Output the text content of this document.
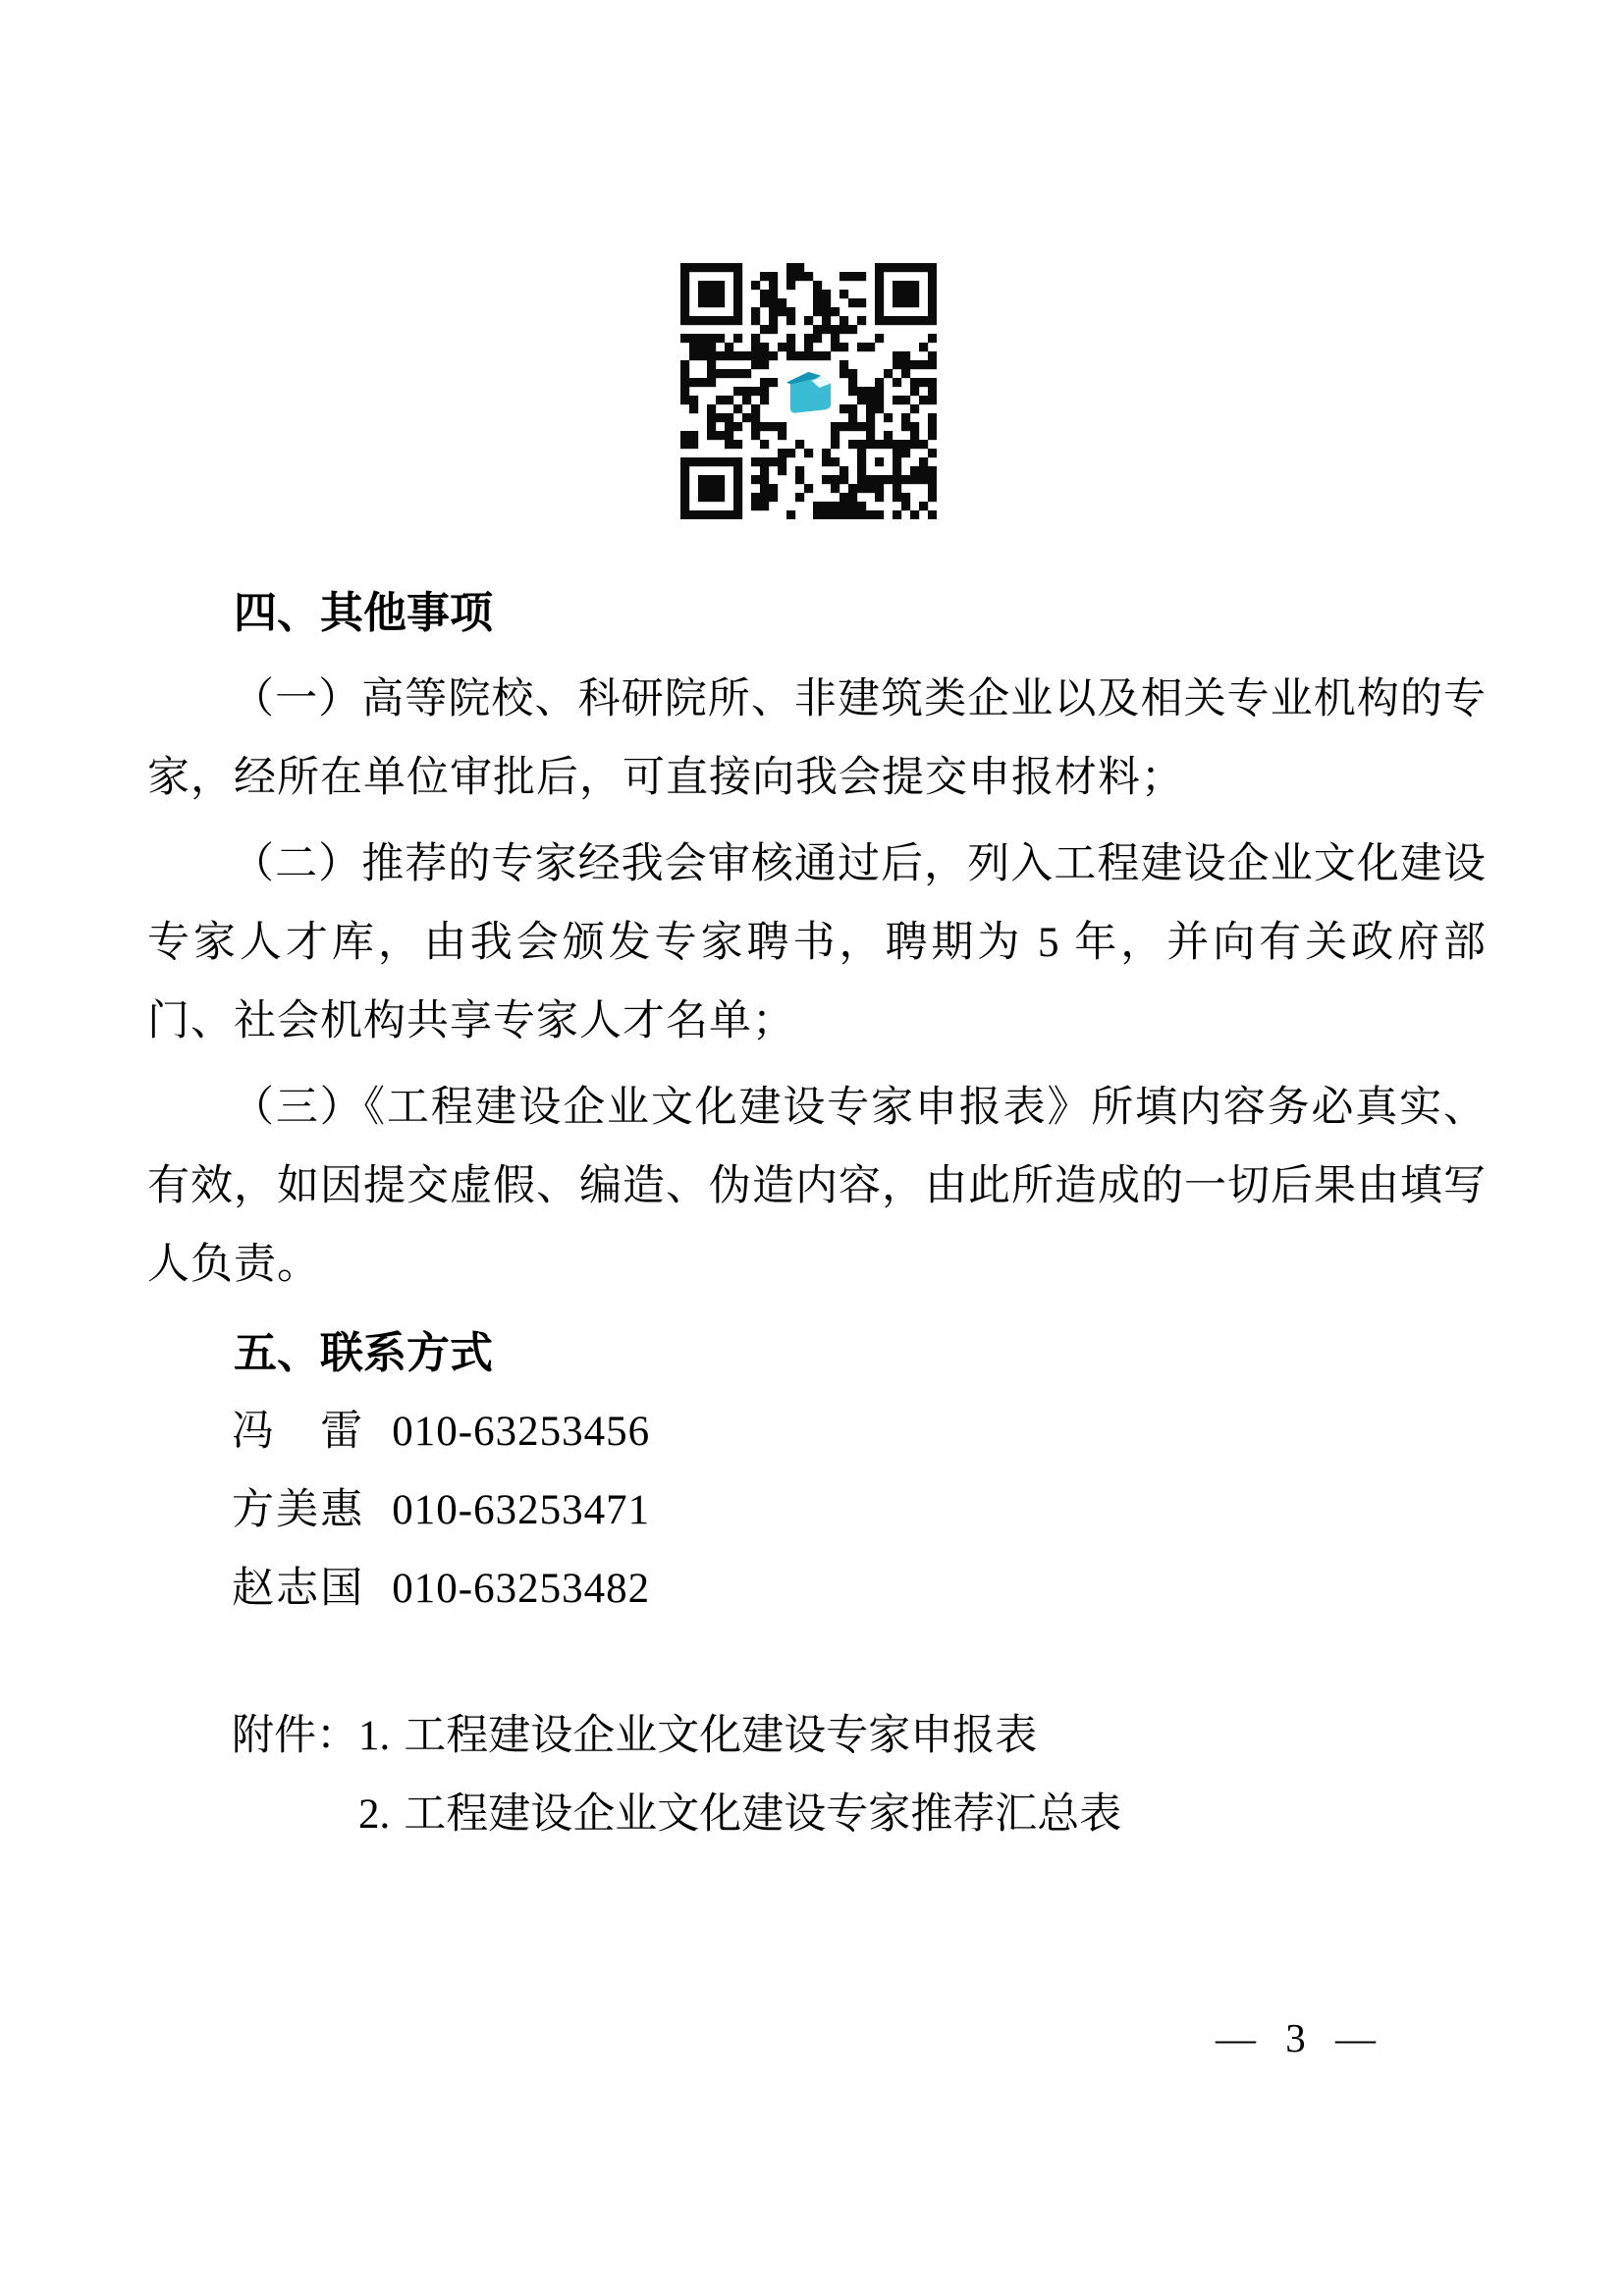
四、其他事项

（一）高等院校、科研院所、非建筑类企业以及相关专业机构的专家，经所在单位审批后，可直接向我会提交申报材料；

（二）推荐的专家经我会审核通过后，列入工程建设企业文化建设专家人才库，由我会颁发专家聘书，聘期为 5 年，并向有关政府部门、社会机构共享专家人才名单；

（三）《工程建设企业文化建设专家申报表》所填内容务必真实、有效，如因提交虚假、编造、伪造内容，由此所造成的一切后果由填写人负责。

五、联系方式
冯雷 010-63253456
方美惠 010-63253471
赵志国 010-63253482
附件： 1. 工程建设企业文化建设专家申报表
2. 工程建设企业文化建设专家推荐汇总表
— 3 —
